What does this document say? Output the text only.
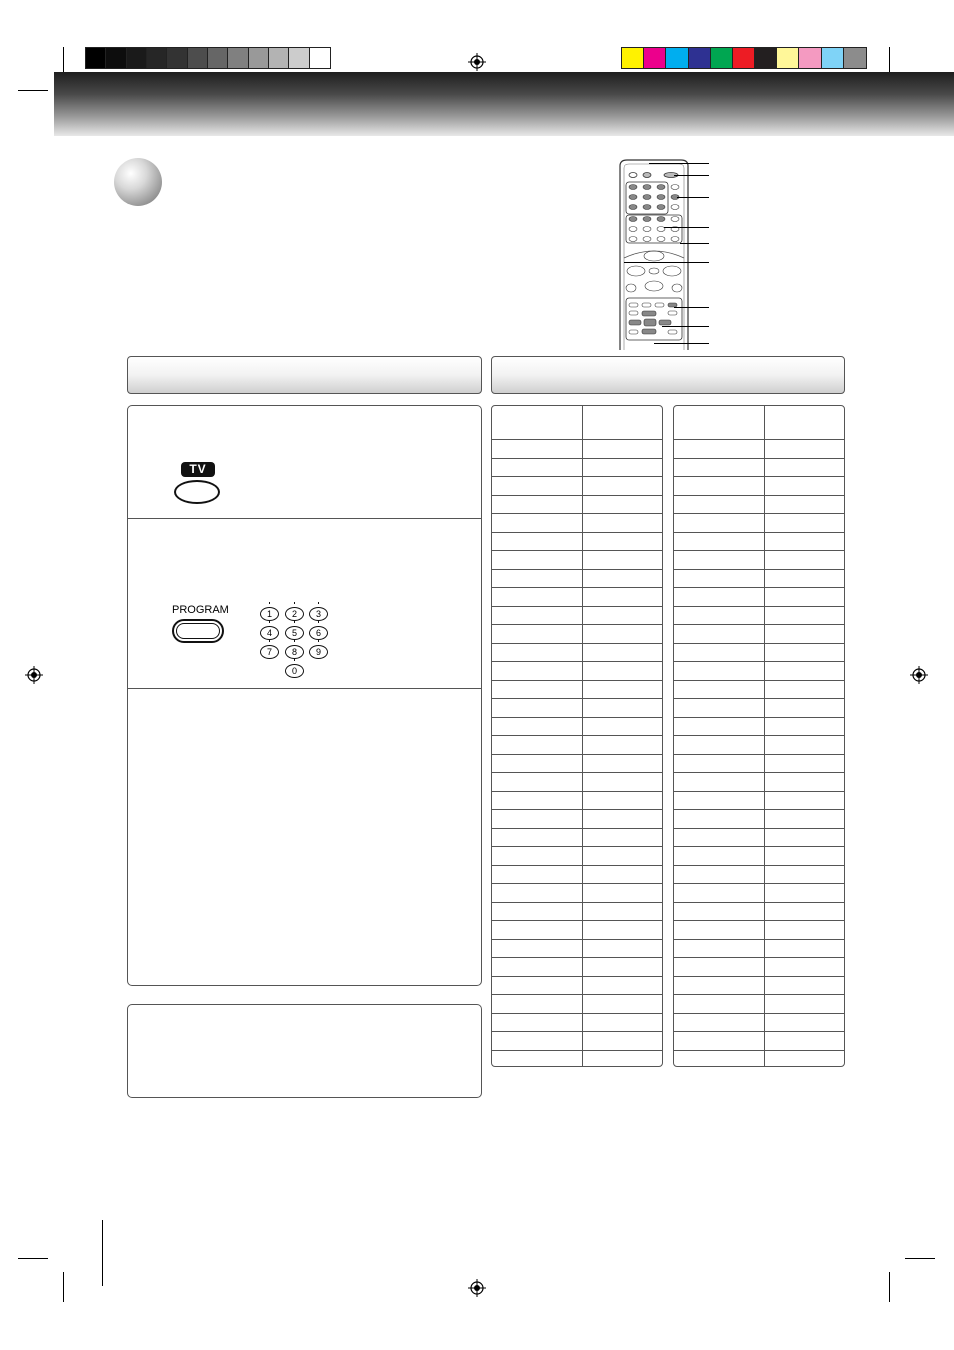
TV
PROGRAM	1	2	3
4	5	6
7	8	9
0
